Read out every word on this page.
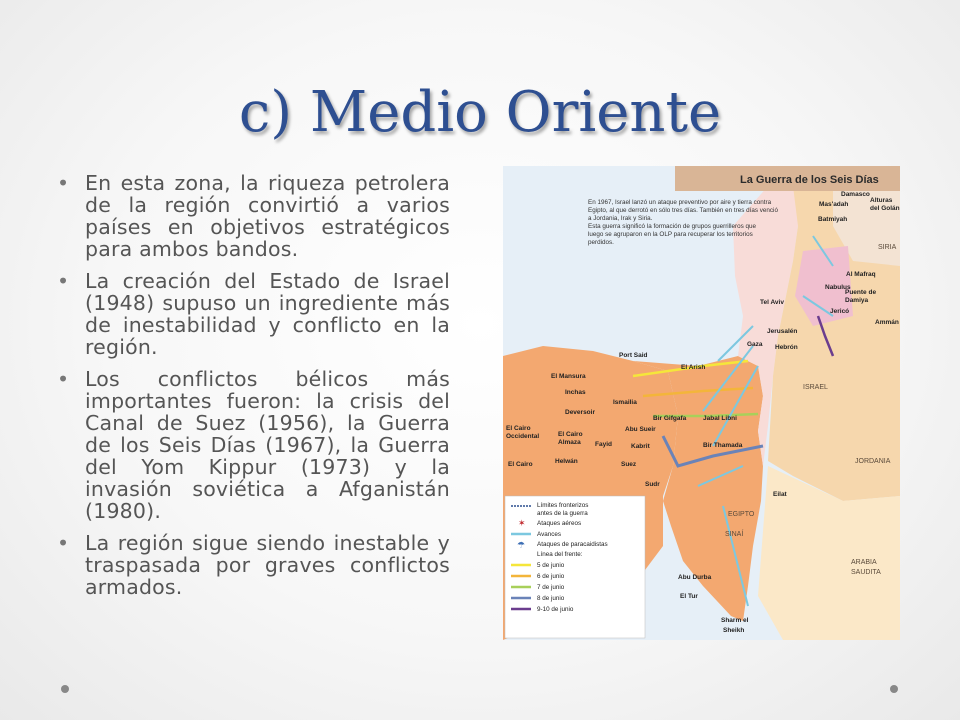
c) Medio Oriente
• En esta zona, la riqueza petrolera de la región convirtió a varios países en objetivos estratégicos para ambos bandos.
• La creación del Estado de Israel (1948) supuso un ingrediente más de inestabilidad y conflicto en la región.
• Los conflictos bélicos más importantes fueron: la crisis del Canal de Suez (1956), la Guerra de los Seis Días (1967), la Guerra del Yom Kippur (1973) y la invasión soviética a Afganistán (1980).
• La región sigue siendo inestable y traspasada por graves conflictos armados.
La Guerra de los Seis Días
En 1967, Israel lanzó un ataque preventivo por aire y tierra contra
Egipto, al que derrotó en sólo tres días. También en tres días venció
a Jordania, Irak y Siria.
Esta guerra significó la formación de grupos guerrilleros que
luego se agruparon en la OLP para recuperar los territorios
perdidos.
SIRIA
ISRAEL
JORDANIA
EGIPTO
SINAÍ
ARABIA
SAUDITA
Damasco
Mas'adah
Alturas
del Golán
Batmiyah
Al Mafraq
Nabulus
Puente de
Damiya
Jericó
Ammán
Tel Aviv
Jerusalén
Gaza Hebrón
Port Said
El Arish
El Mansura
Inchas
Ismailia
Deversoir
Bir Gifgafa	Jabal Libni
Abu Sueir
Fayid	Kabrit	Bir Thamada
El Cairo
Occidental	El Cairo
Almaza
El Cairo	Helwán	Suez
Sudr
Eilat
Abu Durba
El Tur
Sharm el
Sheikh
Límites fronterizos
antes de la guerra
✶ Ataques aéreos
Avances
☂ Ataques de paracaidistas
Línea del frente:
5 de junio
6 de junio
7 de junio
8 de junio
9-10 de junio
